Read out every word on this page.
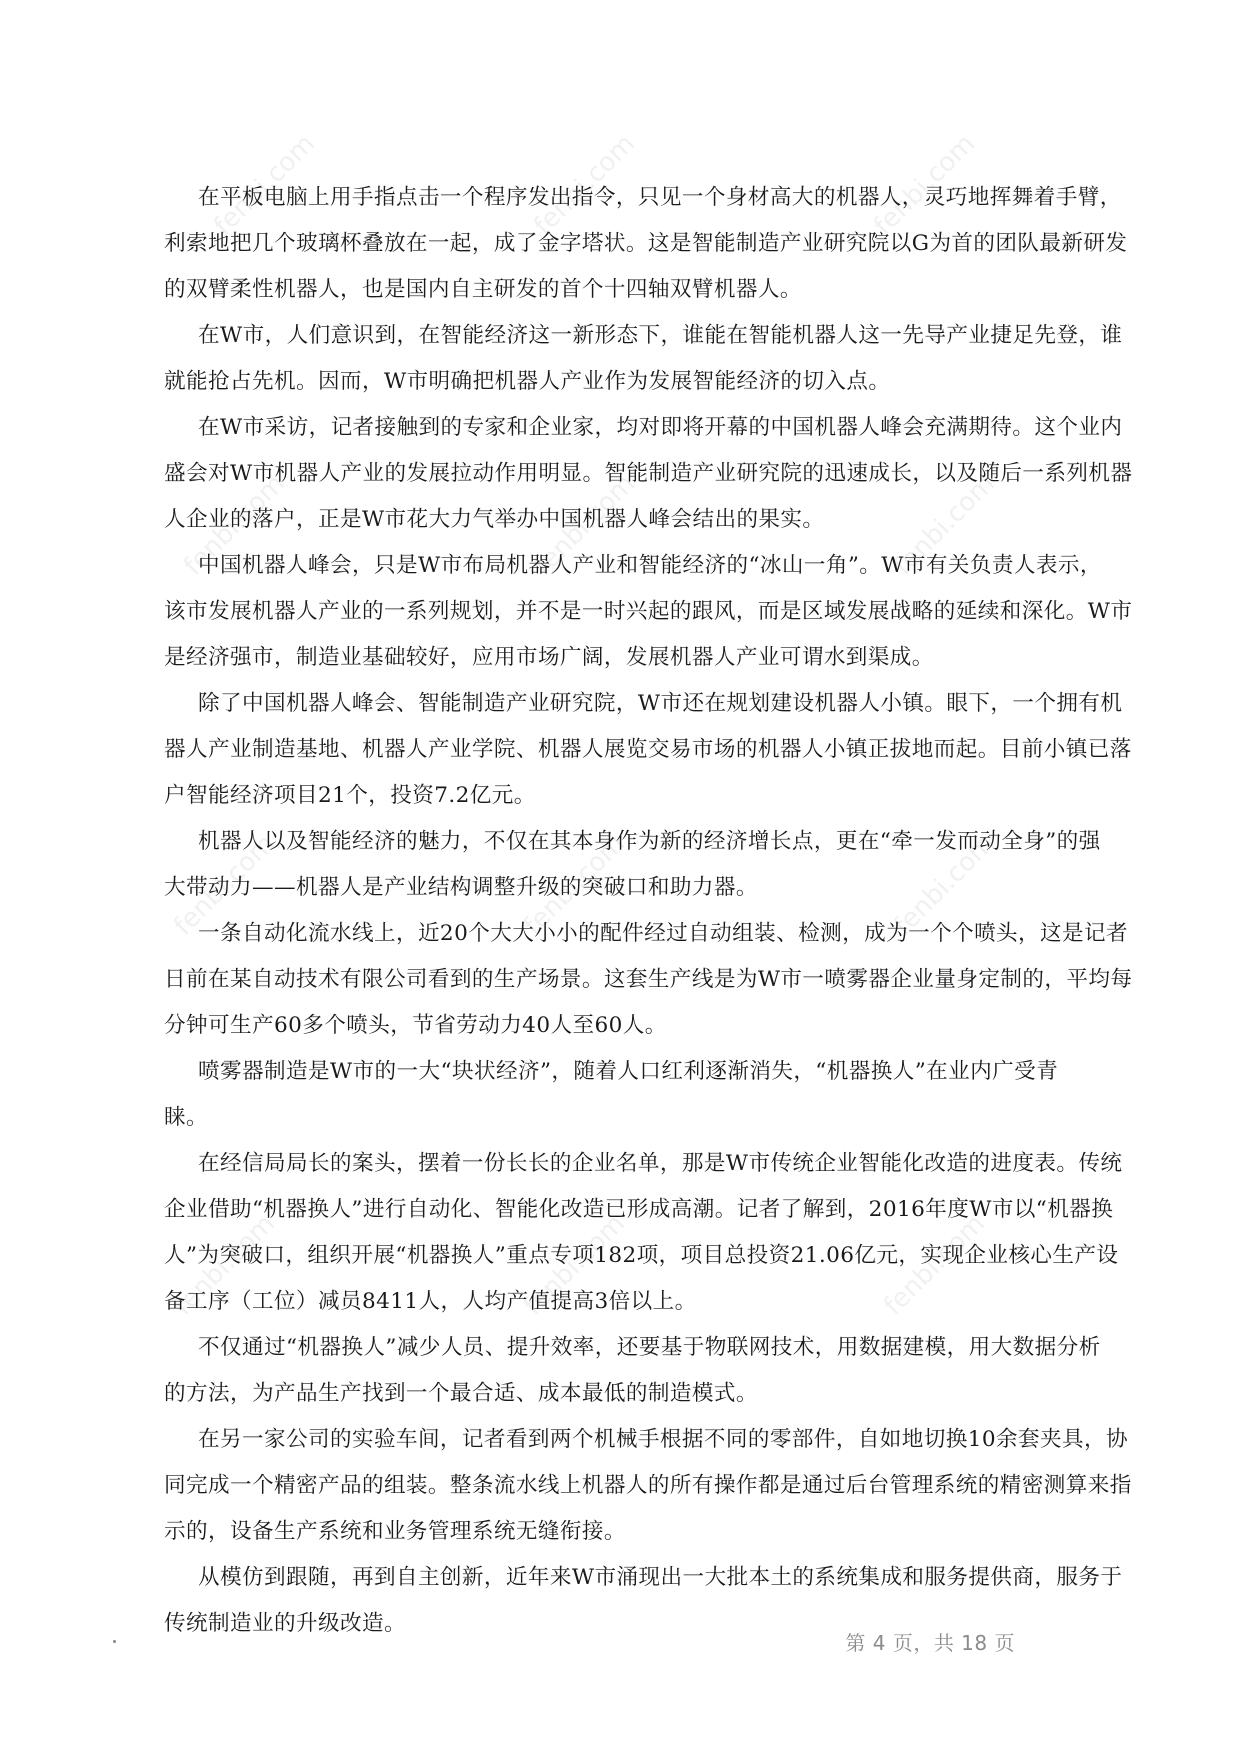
fenbi.com	fenbi.com	fenbi.com
fenbi.com	fenbi.com	fenbi.com
fenbi.com	fenbi.com	fenbi.com
fenbi.com	fenbi.com	fenbi.com
在平板电脑上用手指点击一个程序发出指令，只见一个身材高大的机器人，灵巧地挥舞着手臂，
利索地把几个玻璃杯叠放在一起，成了金字塔状。这是智能制造产业研究院以G为首的团队最新研发
的双臂柔性机器人，也是国内自主研发的首个十四轴双臂机器人。
在W市，人们意识到，在智能经济这一新形态下，谁能在智能机器人这一先导产业捷足先登，谁
就能抢占先机。因而，W市明确把机器人产业作为发展智能经济的切入点。
在W市采访，记者接触到的专家和企业家，均对即将开幕的中国机器人峰会充满期待。这个业内
盛会对W市机器人产业的发展拉动作用明显。智能制造产业研究院的迅速成长，以及随后一系列机器
人企业的落户，正是W市花大力气举办中国机器人峰会结出的果实。
中国机器人峰会，只是W市布局机器人产业和智能经济的“冰山一角”。W市有关负责人表示，
该市发展机器人产业的一系列规划，并不是一时兴起的跟风，而是区域发展战略的延续和深化。W市
是经济强市，制造业基础较好，应用市场广阔，发展机器人产业可谓水到渠成。
除了中国机器人峰会、智能制造产业研究院，W市还在规划建设机器人小镇。眼下，一个拥有机
器人产业制造基地、机器人产业学院、机器人展览交易市场的机器人小镇正拔地而起。目前小镇已落
户智能经济项目21个，投资7.2亿元。
机器人以及智能经济的魅力，不仅在其本身作为新的经济增长点，更在“牵一发而动全身”的强
大带动力——机器人是产业结构调整升级的突破口和助力器。
一条自动化流水线上，近20个大大小小的配件经过自动组装、检测，成为一个个喷头，这是记者
日前在某自动技术有限公司看到的生产场景。这套生产线是为W市一喷雾器企业量身定制的，平均每
分钟可生产60多个喷头，节省劳动力40人至60人。
喷雾器制造是W市的一大“块状经济”，随着人口红利逐渐消失，“机器换人”在业内广受青
睐。
在经信局局长的案头，摆着一份长长的企业名单，那是W市传统企业智能化改造的进度表。传统
企业借助“机器换人”进行自动化、智能化改造已形成高潮。记者了解到，2016年度W市以“机器换
人”为突破口，组织开展“机器换人”重点专项182项，项目总投资21.06亿元，实现企业核心生产设
备工序（工位）减员8411人，人均产值提高3倍以上。
不仅通过“机器换人”减少人员、提升效率，还要基于物联网技术，用数据建模，用大数据分析
的方法，为产品生产找到一个最合适、成本最低的制造模式。
在另一家公司的实验车间，记者看到两个机械手根据不同的零部件，自如地切换10余套夹具，协
同完成一个精密产品的组装。整条流水线上机器人的所有操作都是通过后台管理系统的精密测算来指
示的，设备生产系统和业务管理系统无缝衔接。
从模仿到跟随，再到自主创新，近年来W市涌现出一大批本土的系统集成和服务提供商，服务于
传统制造业的升级改造。
第 4 页，共 18 页
